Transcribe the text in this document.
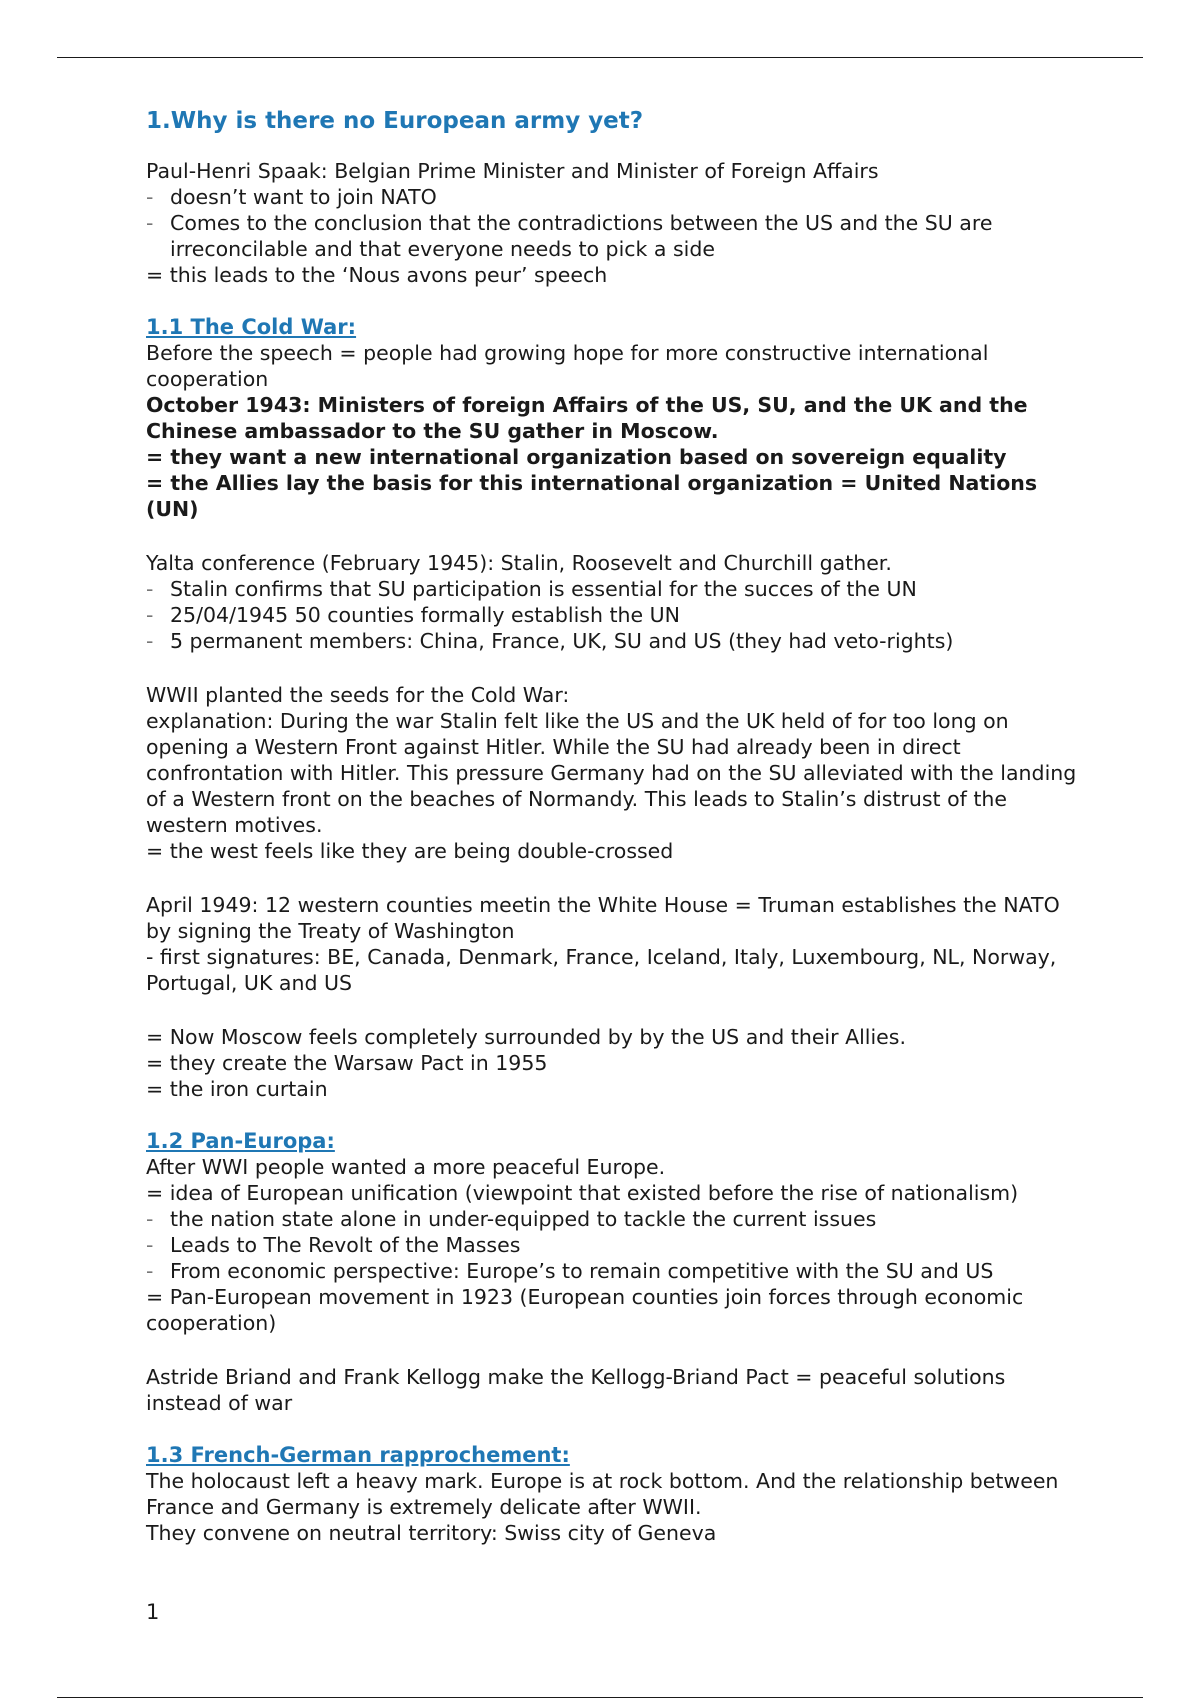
1.Why is there no European army yet?
Paul-Henri Spaak: Belgian Prime Minister and Minister of Foreign Affairs
- doesn’t want to join NATO
- Comes to the conclusion that the contradictions between the US and the SU are irreconcilable and that everyone needs to pick a side
= this leads to the ‘Nous avons peur’ speech
1.1 The Cold War:
Before the speech = people had growing hope for more constructive international cooperation
October 1943: Ministers of foreign Affairs of the US, SU, and the UK and the Chinese ambassador to the SU gather in Moscow.
= they want a new international organization based on sovereign equality
= the Allies lay the basis for this international organization = United Nations (UN)
Yalta conference (February 1945): Stalin, Roosevelt and Churchill gather.
- Stalin confirms that SU participation is essential for the succes of the UN
- 25/04/1945 50 counties formally establish the UN
- 5 permanent members: China, France, UK, SU and US (they had veto-rights)
WWII planted the seeds for the Cold War:
explanation: During the war Stalin felt like the US and the UK held of for too long on opening a Western Front against Hitler. While the SU had already been in direct confrontation with Hitler. This pressure Germany had on the SU alleviated with the landing of a Western front on the beaches of Normandy. This leads to Stalin’s distrust of the western motives.
= the west feels like they are being double-crossed
April 1949: 12 western counties meetin the White House = Truman establishes the NATO by signing the Treaty of Washington
- first signatures: BE, Canada, Denmark, France, Iceland, Italy, Luxembourg, NL, Norway, Portugal, UK and US
= Now Moscow feels completely surrounded by by the US and their Allies.
= they create the Warsaw Pact in 1955
= the iron curtain
1.2 Pan-Europa:
After WWI people wanted a more peaceful Europe.
= idea of European unification (viewpoint that existed before the rise of nationalism)
- the nation state alone in under-equipped to tackle the current issues
- Leads to The Revolt of the Masses
- From economic perspective: Europe’s to remain competitive with the SU and US
= Pan-European movement in 1923 (European counties join forces through economic cooperation)
Astride Briand and Frank Kellogg make the Kellogg-Briand Pact = peaceful solutions instead of war
1.3 French-German rapprochement:
The holocaust left a heavy mark. Europe is at rock bottom. And the relationship between France and Germany is extremely delicate after WWII.
They convene on neutral territory: Swiss city of Geneva
1
